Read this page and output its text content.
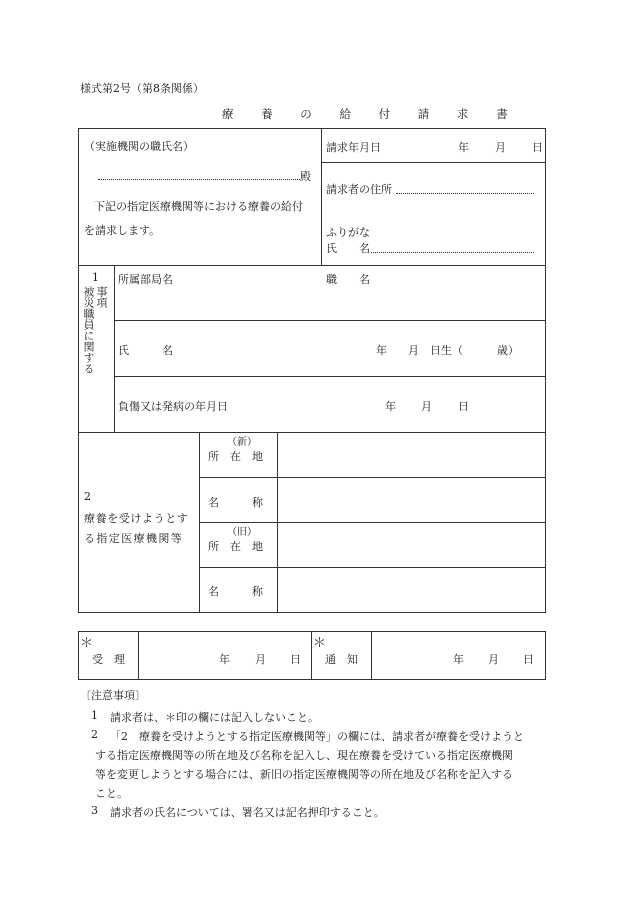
様式第2号（第8条関係）
療 養 の 給 付 請 求 書
（実施機関の職氏名）
殿
下記の指定医療機関等における療養の給付
を請求します。
請求年月日	年 月 日
請求者の住所
ふりがな
氏　　名
1
事項
被災職員に関する
所属部局名	職　　名
氏　　　名	年 月 日生（	歳）
負傷又は発病の年月日	年 月 日
2
療養を受けようとす
る指定医療機関等
（新）
所　在　地
名　　　称
（旧）
所　在　地
名　　　称
＊
受　理	年 月 日
＊
通　知	年 月 日
〔注意事項〕
1 請求者は、＊印の欄には記入しないこと。
2 「2　療養を受けようとする指定医療機関等」の欄には、請求者が療養を受けようと
する指定医療機関等の所在地及び名称を記入し、現在療養を受けている指定医療機関
等を変更しようとする場合には、新旧の指定医療機関等の所在地及び名称を記入する
こと。
3 請求者の氏名については、署名又は記名押印すること。
